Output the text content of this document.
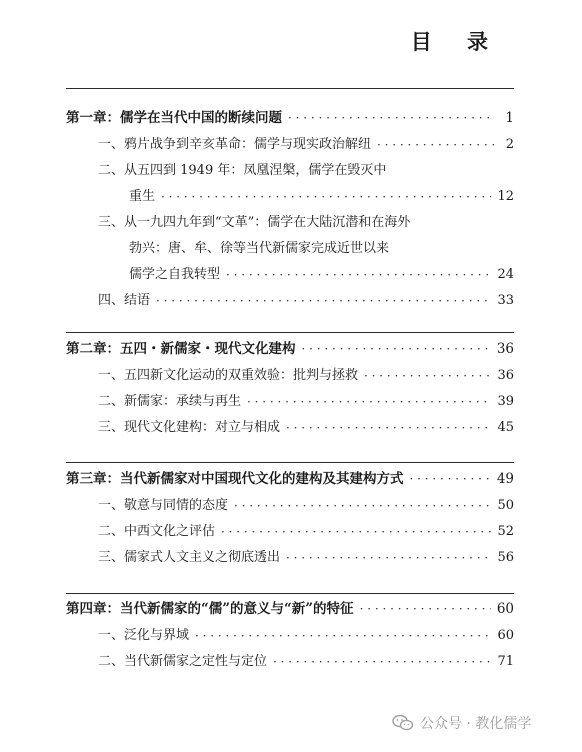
目 录
第一章：儒学在当代中国的断续问题 · · ·	1
一、鸦片战争到辛亥革命：儒学与现实政治解纽 · · ·	2
二、从五四到 1949 年：凤凰涅槃，儒学在毁灭中
重生 · · ·	12
三、从一九四九年到“文革”：儒学在大陆沉潜和在海外
勃兴：唐、牟、徐等当代新儒家完成近世以来
儒学之自我转型 · · ·	24
四、结语 · · ·	33
第二章：五四・新儒家・现代文化建构 · · ·	36
一、五四新文化运动的双重效验：批判与拯救 · · ·	36
二、新儒家：承续与再生 · · ·	39
三、现代文化建构：对立与相成 · · ·	45
第三章：当代新儒家对中国现代文化的建构及其建构方式 · · ·	49
一、敬意与同情的态度 · · ·	50
二、中西文化之评估 · · ·	52
三、儒家式人文主义之彻底透出 · · ·	56
第四章：当代新儒家的“儒”的意义与“新”的特征 · · ·	60
一、泛化与界域 · · ·	60
二、当代新儒家之定性与定位 · · ·	71
公众号 · 教化儒学
